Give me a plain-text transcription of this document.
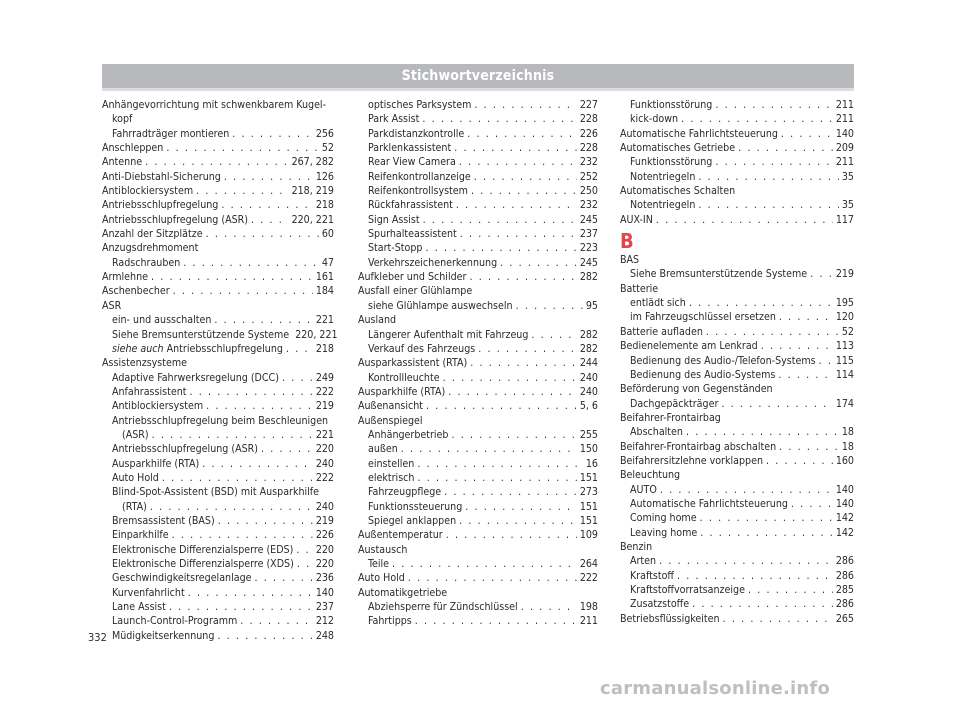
Stichwortverzeichnis
Anhängevorrichtung mit schwenkbarem Kugel-
kopf
Fahrradträger montieren . . .	256
Anschleppen . . .	52
Antenne . . .	267, 282
Anti-Diebstahl-Sicherung . . .	126
Antiblockiersystem . . .	218, 219
Antriebsschlupfregelung . . .	218
Antriebsschlupfregelung (ASR) . . .	220, 221
Anzahl der Sitzplätze . . .	60
Anzugsdrehmoment
Radschrauben . . .	47
Armlehne . . .	161
Aschenbecher . . .	184
ASR
ein- und ausschalten . . .	221
Siehe Bremsunterstützende Systeme 220, 221
siehe auch Antriebsschlupfregelung . . .	218
Assistenzsysteme
Adaptive Fahrwerksregelung (DCC) . . .	249
Anfahrassistent . . .	222
Antiblockiersystem . . .	219
Antriebsschlupfregelung beim Beschleunigen
(ASR) . . .	221
Antriebsschlupfregelung (ASR) . . .	220
Ausparkhilfe (RTA) . . .	240
Auto Hold . . .	222
Blind-Spot-Assistent (BSD) mit Ausparkhilfe
(RTA) . . .	240
Bremsassistent (BAS) . . .	219
Einparkhilfe . . .	226
Elektronische Differenzialsperre (EDS) . . . 220
Elektronische Differenzialsperre (XDS) . . . 220
Geschwindigkeitsregelanlage . . .	236
Kurvenfahrlicht . . .	140
Lane Assist . . .	237
Launch-Control-Programm . . .	212
Müdigkeitserkennung . . .	248
optisches Parksystem . . .	227
Park Assist . . .	228
Parkdistanzkontrolle . . .	226
Parklenkassistent . . .	228
Rear View Camera . . .	232
Reifenkontrollanzeige . . .	252
Reifenkontrollsystem . . .	250
Rückfahrassistent . . .	232
Sign Assist . . .	245
Spurhalteassistent . . .	237
Start-Stopp . . .	223
Verkehrszeichenerkennung . . .	245
Aufkleber und Schilder . . .	282
Ausfall einer Glühlampe
siehe Glühlampe auswechseln . . .	95
Ausland
Längerer Aufenthalt mit Fahrzeug . . .	282
Verkauf des Fahrzeugs . . .	282
Ausparkassistent (RTA) . . .	244
Kontrollleuchte . . .	240
Ausparkhilfe (RTA) . . .	240
Außenansicht . . .	5, 6
Außenspiegel
Anhängerbetrieb . . .	255
außen . . .	150
einstellen . . .	16
elektrisch . . .	151
Fahrzeugpflege . . .	273
Funktionssteuerung . . .	151
Spiegel anklappen . . .	151
Außentemperatur . . .	109
Austausch
Teile . . .	264
Auto Hold . . .	222
Automatikgetriebe
Abziehsperre für Zündschlüssel . . .	198
Fahrtipps . . .	211
Funktionsstörung . . .	211
kick-down . . .	211
Automatische Fahrlichtsteuerung . . .	140
Automatisches Getriebe . . .	209
Funktionsstörung . . .	211
Notentriegeln . . .	35
Automatisches Schalten
Notentriegeln . . .	35
AUX-IN . . .	117
B
BAS
Siehe Bremsunterstützende Systeme . . .	219
Batterie
entlädt sich . . .	195
im Fahrzeugschlüssel ersetzen . . .	120
Batterie aufladen . . .	52
Bedienelemente am Lenkrad . . .	113
Bedienung des Audio-/Telefon-Systems . . . 115
Bedienung des Audio-Systems . . .	114
Beförderung von Gegenständen
Dachgepäckträger . . .	174
Beifahrer-Frontairbag
Abschalten . . .	18
Beifahrer-Frontairbag abschalten . . .	18
Beifahrersitzlehne vorklappen . . .	160
Beleuchtung
AUTO . . .	140
Automatische Fahrlichtsteuerung . . .	140
Coming home . . .	142
Leaving home . . .	142
Benzin
Arten . . .	286
Kraftstoff . . .	286
Kraftstoffvorratsanzeige . . .	285
Zusatzstoffe . . .	286
Betriebsflüssigkeiten . . .	265
332
carmanualsonline.info
